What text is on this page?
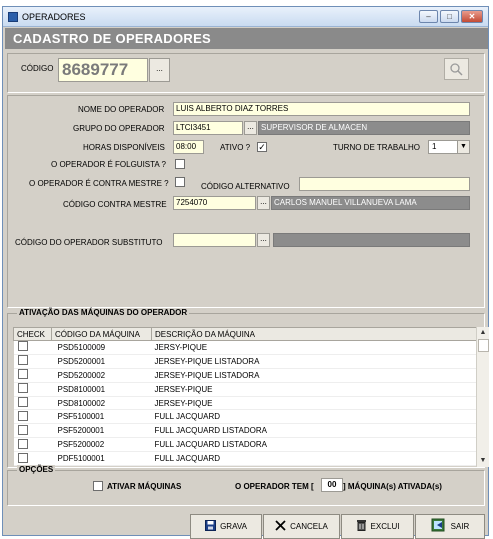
OPERADORES	–	□	✕
CADASTRO DE OPERADORES
CÓDIGO 8689777	...
NOME DO OPERADOR	LUIS ALBERTO DIAZ TORRES
GRUPO DO OPERADOR	LTCI3451	... SUPERVISOR DE ALMACEN
HORAS DISPONÍVEIS	08:00	ATIVO ? ✓	TURNO DE TRABALHO 1	▼
O OPERADOR É FOLGUISTA ?
O OPERADOR É CONTRA MESTRE ?	CÓDIGO ALTERNATIVO
CÓDIGO CONTRA MESTRE	7254070	... CARLOS MANUEL VILLANUEVA LAMA
CÓDIGO DO OPERADOR SUBSTITUTO	...
ATIVAÇÃO DAS MÁQUINAS DO OPERADOR
CHECK	CÓDIGO DA MÁQUINA	DESCRIÇÃO DA MÁQUINA
	PSD5100009	JERSY-PIQUE
	PSD5200001	JERSEY-PIQUE LISTADORA
	PSD5200002	JERSEY-PIQUE LISTADORA
	PSD8100001	JERSEY-PIQUE
	PSD8100002	JERSEY-PIQUE
	PSF5100001	FULL JACQUARD
	PSF5200001	FULL JACQUARD LISTADORA
	PSF5200002	FULL JACQUARD LISTADORA
	PDF5100001	FULL JACQUARD
▲
▼
OPÇÕES
ATIVAR MÁQUINAS	O OPERADOR TEM [	00 ] MÁQUINA(s) ATIVADA(s)
GRAVA	CANCELA	EXCLUI	SAIR
